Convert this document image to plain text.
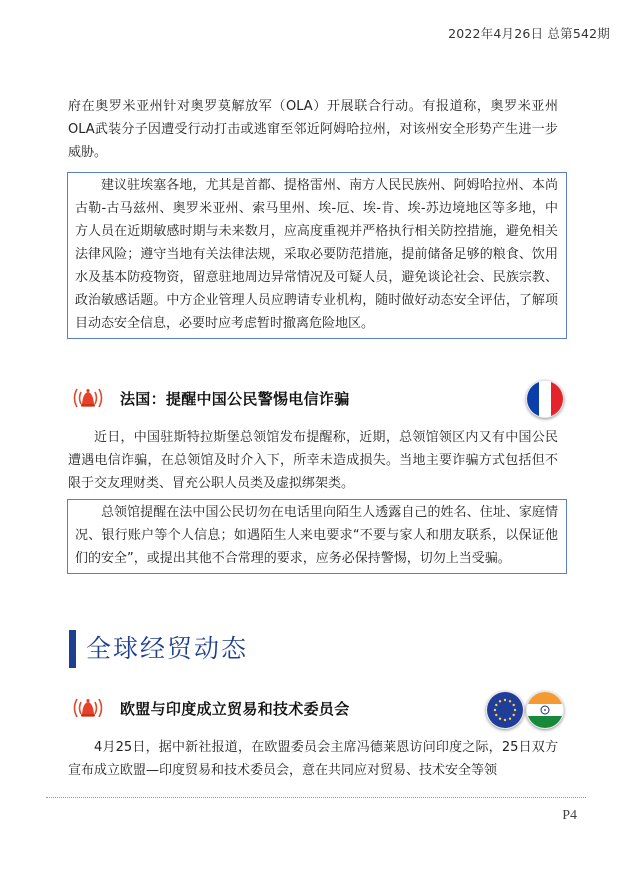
2022年4月26日 总第542期

府在奥罗米亚州针对奥罗莫解放军（OLA）开展联合行动。有报道称，奥罗米亚州OLA武装分子因遭受行动打击或逃窜至邻近阿姆哈拉州，对该州安全形势产生进一步威胁。

建议驻埃塞各地，尤其是首都、提格雷州、南方人民民族州、阿姆哈拉州、本尚古勒-古马兹州、奥罗米亚州、索马里州、埃-厄、埃-肯、埃-苏边境地区等多地，中方人员在近期敏感时期与未来数月，应高度重视并严格执行相关防控措施，避免相关法律风险；遵守当地有关法律法规，采取必要防范措施，提前储备足够的粮食、饮用水及基本防疫物资，留意驻地周边异常情况及可疑人员，避免谈论社会、民族宗教、政治敏感话题。中方企业管理人员应聘请专业机构，随时做好动态安全评估，了解项目动态安全信息，必要时应考虑暂时撤离危险地区。

法国：提醒中国公民警惕电信诈骗

近日，中国驻斯特拉斯堡总领馆发布提醒称，近期，总领馆领区内又有中国公民遭遇电信诈骗，在总领馆及时介入下，所幸未造成损失。当地主要诈骗方式包括但不限于交友理财类、冒充公职人员类及虚拟绑架类。

总领馆提醒在法中国公民切勿在电话里向陌生人透露自己的姓名、住址、家庭情况、银行账户等个人信息；如遇陌生人来电要求“不要与家人和朋友联系，以保证他们的安全”，或提出其他不合常理的要求，应务必保持警惕，切勿上当受骗。

全球经贸动态
欧盟与印度成立贸易和技术委员会

4月25日，据中新社报道，在欧盟委员会主席冯德莱恩访问印度之际，25日双方宣布成立欧盟—印度贸易和技术委员会，意在共同应对贸易、技术安全等领

P4
